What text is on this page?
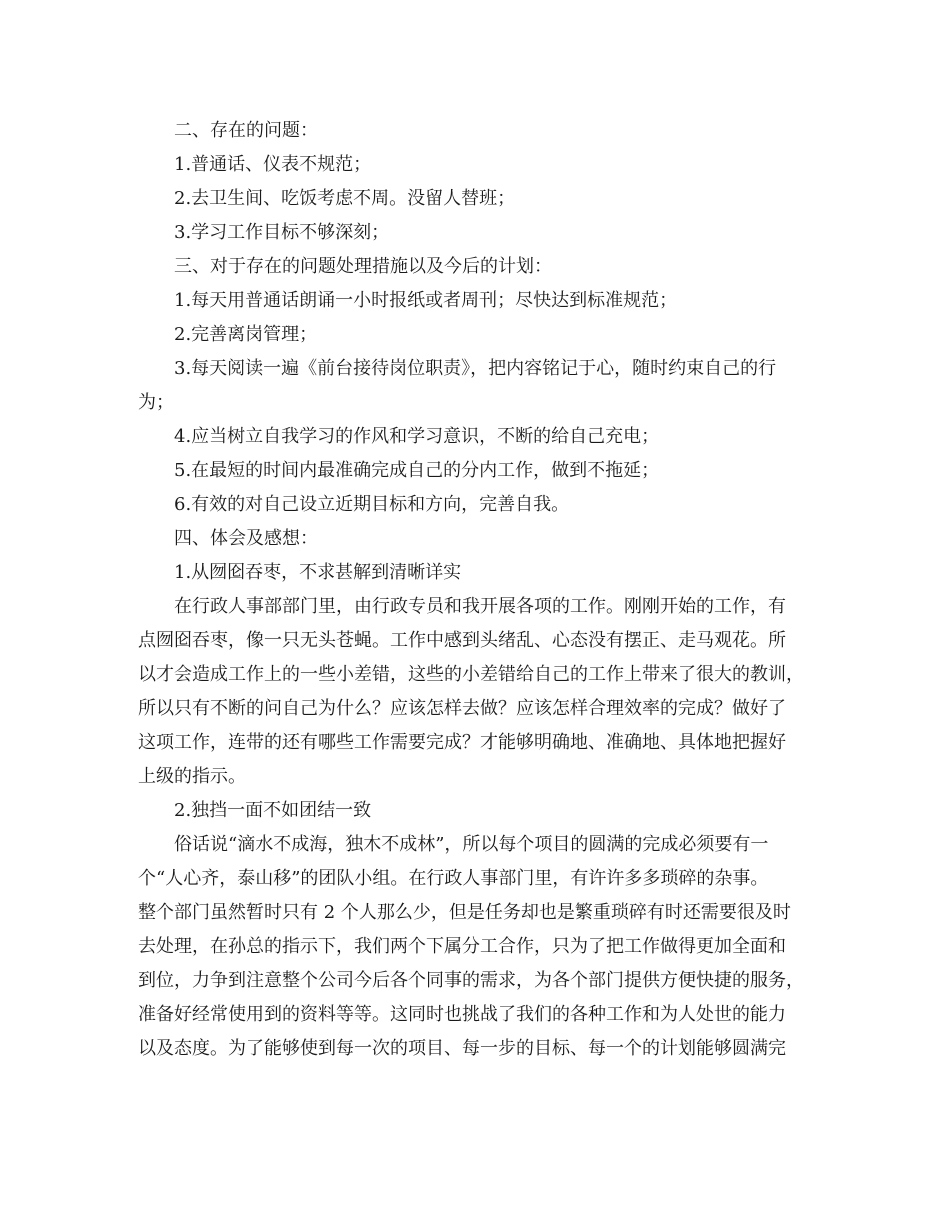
二、存在的问题：

1.普通话、仪表不规范；

2.去卫生间、吃饭考虑不周。没留人替班；

3.学习工作目标不够深刻；

三、对于存在的问题处理措施以及今后的计划：

1.每天用普通话朗诵一小时报纸或者周刊；尽快达到标准规范；

2.完善离岗管理；

3.每天阅读一遍《前台接待岗位职责》，把内容铭记于心，随时约束自己的行

为；

4.应当树立自我学习的作风和学习意识，不断的给自己充电；

5.在最短的时间内最准确完成自己的分内工作，做到不拖延；

6.有效的对自己设立近期目标和方向，完善自我。

四、体会及感想：

1.从囫囵吞枣，不求甚解到清晰详实

在行政人事部部门里，由行政专员和我开展各项的工作。刚刚开始的工作，有

点囫囵吞枣，像一只无头苍蝇。工作中感到头绪乱、心态没有摆正、走马观花。所

以才会造成工作上的一些小差错，这些的小差错给自己的工作上带来了很大的教训，

所以只有不断的问自己为什么？应该怎样去做？应该怎样合理效率的完成？做好了

这项工作，连带的还有哪些工作需要完成？才能够明确地、准确地、具体地把握好

上级的指示。

2.独挡一面不如团结一致

俗话说“滴水不成海，独木不成林”，所以每个项目的圆满的完成必须要有一

个“人心齐，泰山移”的团队小组。在行政人事部门里，有许许多多琐碎的杂事。

整个部门虽然暂时只有 2 个人那么少，但是任务却也是繁重琐碎有时还需要很及时

去处理，在孙总的指示下，我们两个下属分工合作，只为了把工作做得更加全面和

到位，力争到注意整个公司今后各个同事的需求，为各个部门提供方便快捷的服务，

准备好经常使用到的资料等等。这同时也挑战了我们的各种工作和为人处世的能力

以及态度。为了能够使到每一次的项目、每一步的目标、每一个的计划能够圆满完
